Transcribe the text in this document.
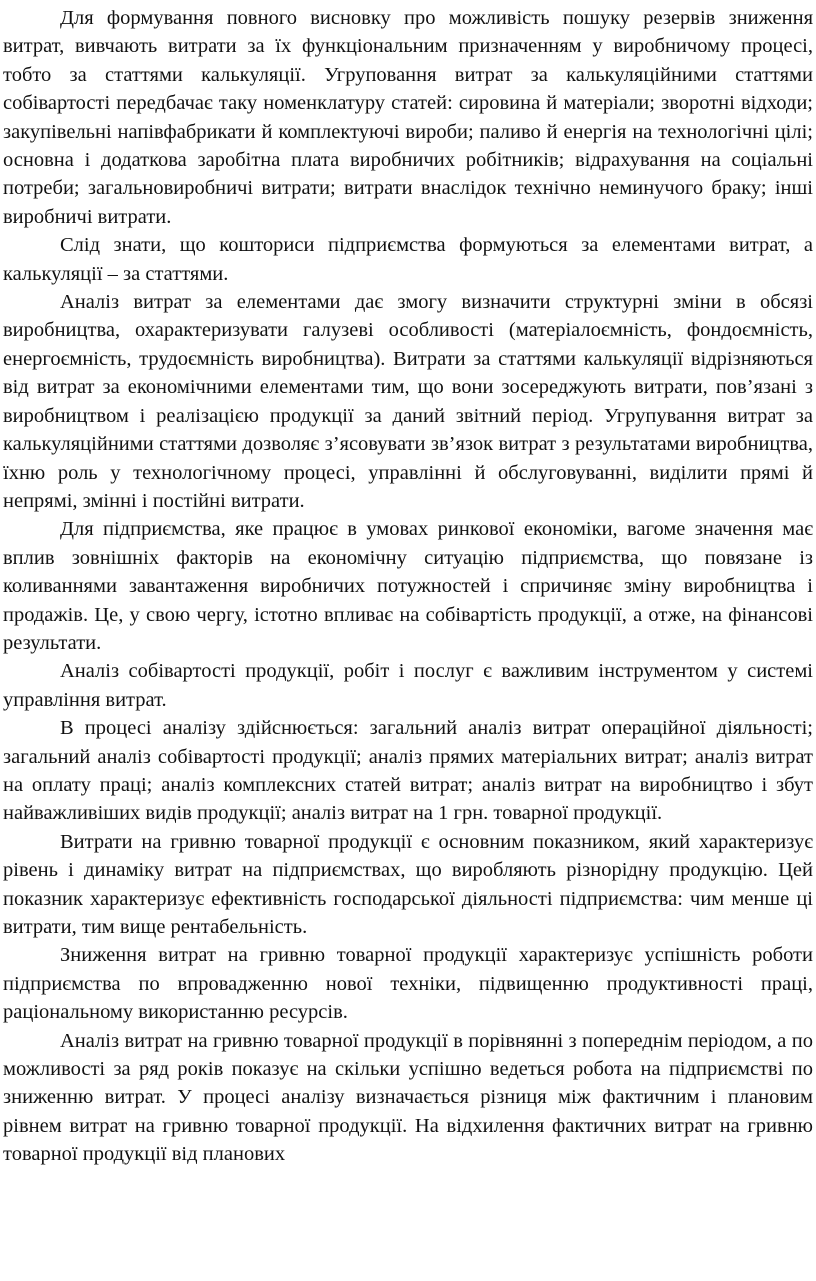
Для формування повного висновку про можливість пошуку резервів зниження витрат, вивчають витрати за їх функціональним призначенням у виробничому процесі, тобто за статтями калькуляції. Угруповання витрат за калькуляційними статтями собівартості передбачає таку номенклатуру статей: сировина й матеріали; зворотні відходи; закупівельні напівфабрикати й комплектуючі вироби; паливо й енергія на технологічні цілі; основна і додаткова заробітна плата виробничих робітників; відрахування на соціальні потреби; загальновиробничі витрати; витрати внаслідок технічно неминучого браку; інші виробничі витрати.

Слід знати, що кошториси підприємства формуються за елементами витрат, а калькуляції – за статтями.

Аналіз витрат за елементами дає змогу визначити структурні зміни в обсязі виробництва, охарактеризувати галузеві особливості (матеріалоємність, фондоємність, енергоємність, трудоємність виробництва). Витрати за статтями калькуляції відрізняються від витрат за економічними елементами тим, що вони зосереджують витрати, пов’язані з виробництвом і реалізацією продукції за даний звітний період. Угрупування витрат за калькуляційними статтями дозволяє з’ясовувати зв’язок витрат з результатами виробництва, їхню роль у технологічному процесі, управлінні й обслуговуванні, виділити прямі й непрямі, змінні і постійні витрати.

Для підприємства, яке працює в умовах ринкової економіки, вагоме значення має вплив зовнішніх факторів на економічну ситуацію підприємства, що повязане із коливаннями завантаження виробничих потужностей і спричиняє зміну виробництва і продажів. Це, у свою чергу, істотно впливає на собівартість продукції, а отже, на фінансові результати.

Аналіз собівартості продукції, робіт і послуг є важливим інструментом у системі управління витрат.

В процесі аналізу здійснюється: загальний аналіз витрат операційної діяльності; загальний аналіз собівартості продукції; аналіз прямих матеріальних витрат; аналіз витрат на оплату праці; аналіз комплексних статей витрат; аналіз витрат на виробництво і збут найважливіших видів продукції; аналіз витрат на 1 грн. товарної продукції.

Витрати на гривню товарної продукції є основним показником, який характеризує рівень і динаміку витрат на підприємствах, що виробляють різнорідну продукцію. Цей показник характеризує ефективність господарської діяльності підприємства: чим менше ці витрати, тим вище рентабельність.

Зниження витрат на гривню товарної продукції характеризує успішність роботи підприємства по впровадженню нової техніки, підвищенню продуктивності праці, раціональному використанню ресурсів.

Аналіз витрат на гривню товарної продукції в порівнянні з попереднім періодом, а по можливості за ряд років показує на скільки успішно ведеться робота на підприємстві по зниженню витрат. У процесі аналізу визначається різниця між фактичним і плановим рівнем витрат на гривню товарної продукції. На відхилення фактичних витрат на гривню товарної продукції від планових
